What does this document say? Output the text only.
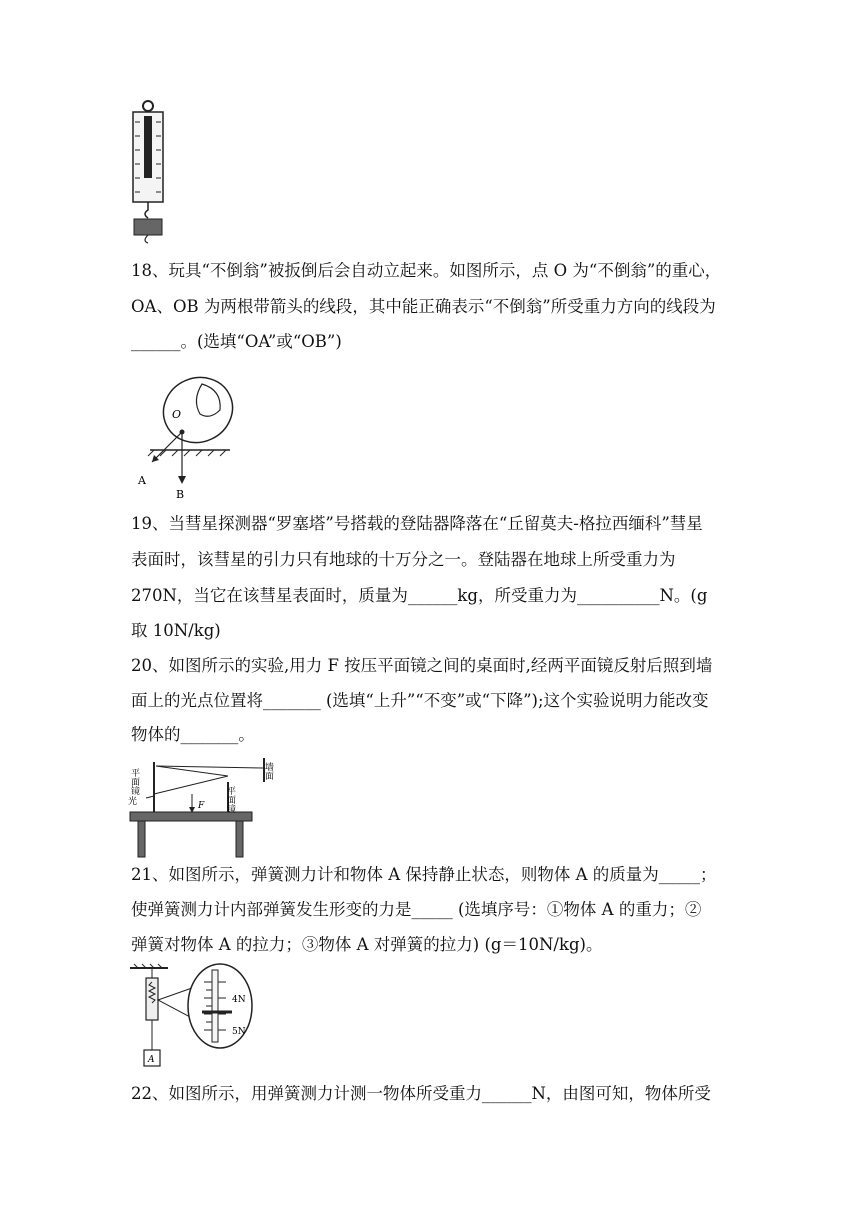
18、玩具“不倒翁”被扳倒后会自动立起来。如图所示，点 O 为“不倒翁”的重心，
OA、OB 为两根带箭头的线段，其中能正确表示“不倒翁”所受重力方向的线段为
______。(选填“OA”或“OB”)
O
A
B
19、当彗星探测器“罗塞塔”号搭载的登陆器降落在“丘留莫夫-格拉西缅科”彗星
表面时，该彗星的引力只有地球的十万分之一。登陆器在地球上所受重力为
270N，当它在该彗星表面时，质量为______kg，所受重力为__________N。(g
取 10N/kg)
20、如图所示的实验,用力 F 按压平面镜之间的桌面时,经两平面镜反射后照到墙
面上的光点位置将_______ (选填“上升”“不变”或“下降”);这个实验说明力能改变
物体的_______。
平面镜
平面镜
墙面
光	F
21、如图所示，弹簧测力计和物体 A 保持静止状态，则物体 A 的质量为_____；
使弹簧测力计内部弹簧发生形变的力是_____ (选填序号：①物体 A 的重力；②
弹簧对物体 A 的拉力；③物体 A 对弹簧的拉力) (g＝10N/kg)。
A
4N
5N
22、如图所示，用弹簧测力计测一物体所受重力______N，由图可知，物体所受
